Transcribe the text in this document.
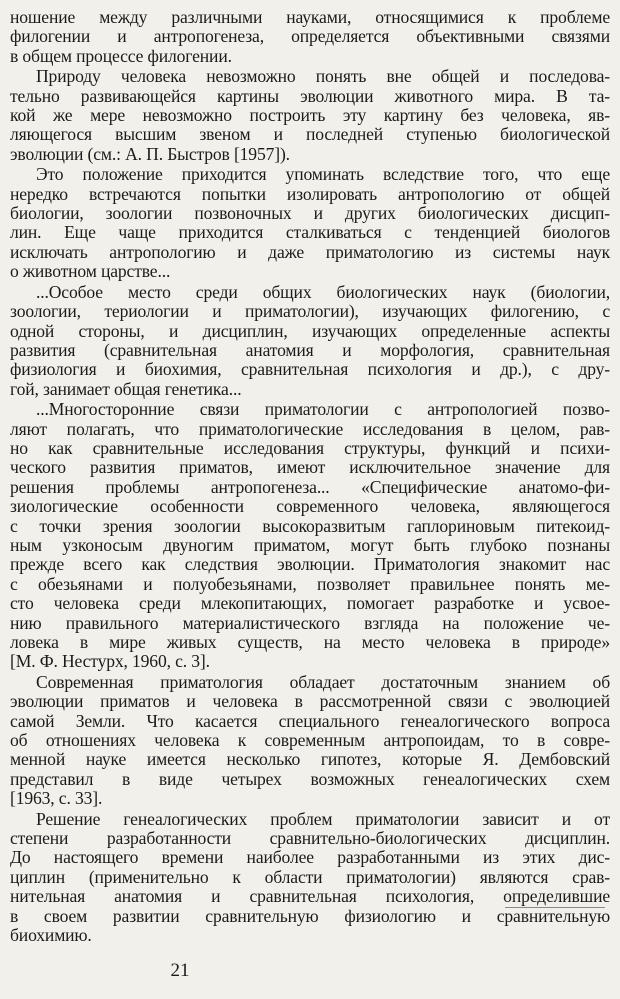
ношение между различными науками, относящимися к проблеме
филогении и антропогенеза, определяется объективными связями
в общем процессе филогении.
Природу человека невозможно понять вне общей и последова-
тельно развивающейся картины эволюции животного мира. В та-
кой же мере невозможно построить эту картину без человека, яв-
ляющегося высшим звеном и последней ступенью биологической
эволюции (см.: А. П. Быстров [1957]).
Это положение приходится упоминать вследствие того, что еще
нередко встречаются попытки изолировать антропологию от общей
биологии, зоологии позвоночных и других биологических дисцип-
лин. Еще чаще приходится сталкиваться с тенденцией биологов
исключать антропологию и даже приматологию из системы наук
о животном царстве...
...Особое место среди общих биологических наук (биологии,
зоологии, териологии и приматологии), изучающих филогению, с
одной стороны, и дисциплин, изучающих определенные аспекты
развития (сравнительная анатомия и морфология, сравнительная
физиология и биохимия, сравнительная психология и др.), с дру-
гой, занимает общая генетика...
...Многосторонние связи приматологии с антропологией позво-
ляют полагать, что приматологические исследования в целом, рав-
но как сравнительные исследования структуры, функций и психи-
ческого развития приматов, имеют исключительное значение для
решения проблемы антропогенеза... «Специфические анатомо-фи-
зиологические особенности современного человека, являющегося
с точки зрения зоологии высокоразвитым гаплориновым питекоид-
ным узконосым двуногим приматом, могут быть глубоко познаны
прежде всего как следствия эволюции. Приматология знакомит нас
с обезьянами и полуобезьянами, позволяет правильнее понять ме-
сто человека среди млекопитающих, помогает разработке и усвое-
нию правильного материалистического взгляда на положение че-
ловека в мире живых существ, на место человека в природе»
[М. Ф. Нестурх, 1960, с. 3].
Современная приматология обладает достаточным знанием об
эволюции приматов и человека в рассмотренной связи с эволюцией
самой Земли. Что касается специального генеалогического вопроса
об отношениях человека к современным антропоидам, то в совре-
менной науке имеется несколько гипотез, которые Я. Дембовский
представил в виде четырех возможных генеалогических схем
[1963, с. 33].
Решение генеалогических проблем приматологии зависит и от
степени разработанности сравнительно-биологических дисциплин.
До настоящего времени наиболее разработанными из этих дис-
циплин (применительно к области приматологии) являются срав-
нительная анатомия и сравнительная психология, определившие
в своем развитии сравнительную физиологию и сравнительную
биохимию.
21
